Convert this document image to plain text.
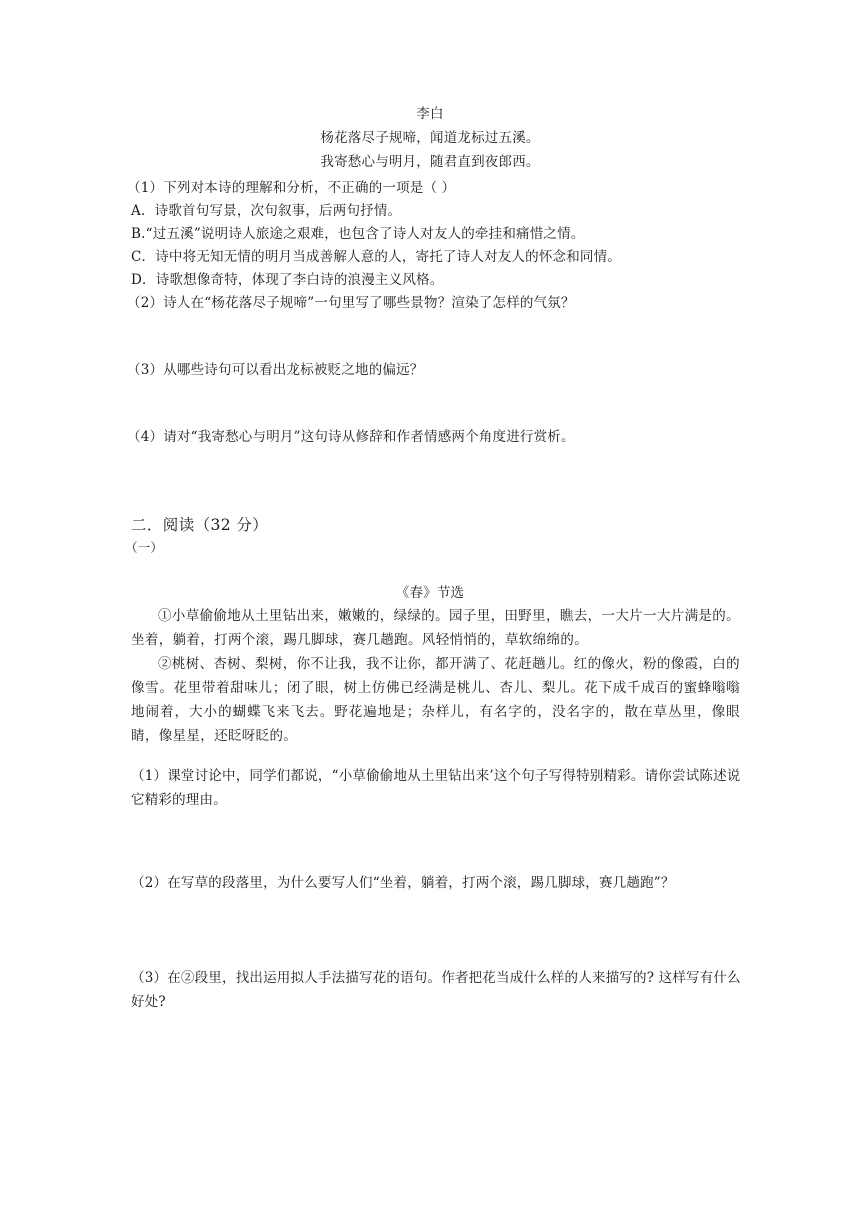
李白
杨花落尽子规啼，闻道龙标过五溪。
我寄愁心与明月，随君直到夜郎西。
（1）下列对本诗的理解和分析，不正确的一项是（ ）
A．诗歌首句写景，次句叙事，后两句抒情。
B.“过五溪”说明诗人旅途之艰难，也包含了诗人对友人的牵挂和痛惜之情。
C．诗中将无知无情的明月当成善解人意的人，寄托了诗人对友人的怀念和同情。
D．诗歌想像奇特，体现了李白诗的浪漫主义风格。
（2）诗人在“杨花落尽子规啼”一句里写了哪些景物？渲染了怎样的气氛？
（3）从哪些诗句可以看出龙标被贬之地的偏远？
（4）请对“我寄愁心与明月”这句诗从修辞和作者情感两个角度进行赏析。
二．阅读（32 分）
（一）
《春》节选
①小草偷偷地从土里钻出来，嫩嫩的，绿绿的。园子里，田野里，瞧去，一大片一大片满是的。坐着，躺着，打两个滚，踢几脚球，赛几趟跑。风轻悄悄的，草软绵绵的。
②桃树、杏树、梨树，你不让我，我不让你，都开满了、花赶趟儿。红的像火，粉的像霞，白的像雪。花里带着甜味儿；闭了眼，树上仿佛已经满是桃儿、杏儿、梨儿。花下成千成百的蜜蜂嗡嗡地闹着，大小的蝴蝶飞来飞去。野花遍地是；杂样儿，有名字的，没名字的，散在草丛里，像眼睛，像星星，还眨呀眨的。
（1）课堂讨论中，同学们都说，“小草偷偷地从土里钻出来’这个句子写得特别精彩。请你尝试陈述说它精彩的理由。
（2）在写草的段落里，为什么要写人们“坐着，躺着，打两个滚，踢几脚球，赛几趟跑”？
（3）在②段里，找出运用拟人手法描写花的语句。作者把花当成什么样的人来描写的? 这样写有什么好处?
